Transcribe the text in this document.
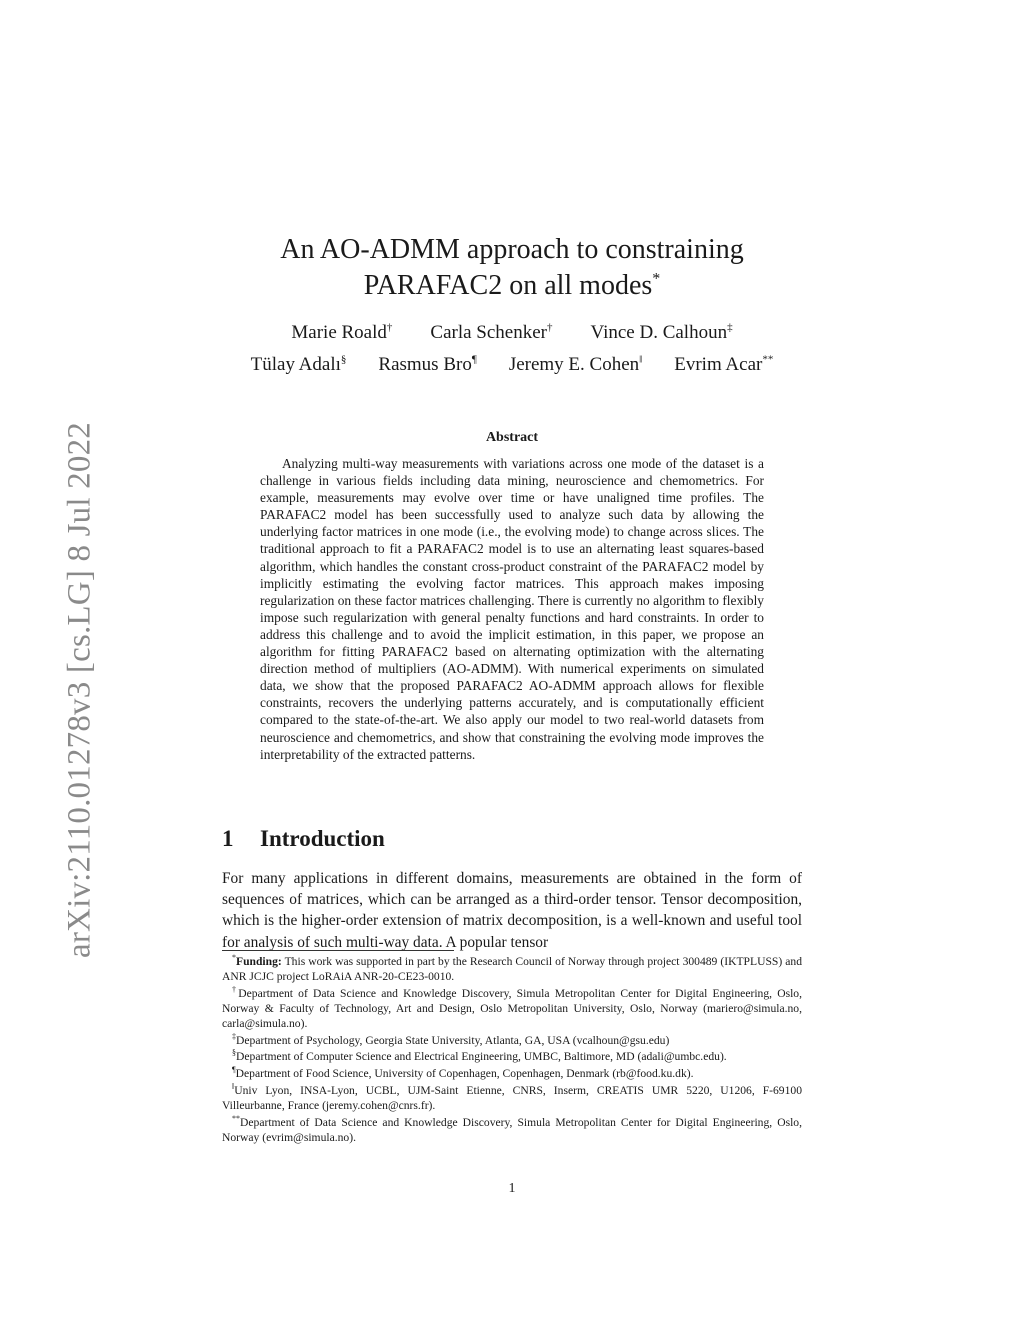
arXiv:2110.01278v3 [cs.LG] 8 Jul 2022
An AO-ADMM approach to constraining
PARAFAC2 on all modes*
Marie Roald† Carla Schenker† Vince D. Calhoun‡
Tülay Adalı§ Rasmus Bro¶ Jeremy E. Cohen‖ Evrim Acar**
Abstract
Analyzing multi-way measurements with variations across one mode of the dataset is a challenge in various fields including data mining, neuroscience and chemometrics. For example, measurements may evolve over time or have unaligned time profiles. The PARAFAC2 model has been successfully used to analyze such data by allowing the underlying factor matrices in one mode (i.e., the evolving mode) to change across slices. The traditional approach to fit a PARAFAC2 model is to use an alternating least squares-based algorithm, which handles the constant cross-product constraint of the PARAFAC2 model by implicitly estimating the evolving factor matrices. This approach makes imposing regularization on these factor matrices challenging. There is currently no algorithm to flexibly impose such regularization with general penalty functions and hard constraints. In order to address this challenge and to avoid the implicit estimation, in this paper, we propose an algorithm for fitting PARAFAC2 based on alternating optimization with the alternating direction method of multipliers (AO-ADMM). With numerical experiments on simulated data, we show that the proposed PARAFAC2 AO-ADMM approach allows for flexible constraints, recovers the underlying patterns accurately, and is computationally efficient compared to the state-of-the-art. We also apply our model to two real-world datasets from neuroscience and chemometrics, and show that constraining the evolving mode improves the interpretability of the extracted patterns.
1 Introduction
For many applications in different domains, measurements are obtained in the form of sequences of matrices, which can be arranged as a third-order tensor. Tensor decomposition, which is the higher-order extension of matrix decomposition, is a well-known and useful tool for analysis of such multi-way data. A popular tensor

*Funding: This work was supported in part by the Research Council of Norway through project 300489 (IKTPLUSS) and ANR JCJC project LoRAiA ANR-20-CE23-0010.

†Department of Data Science and Knowledge Discovery, Simula Metropolitan Center for Digital Engineering, Oslo, Norway & Faculty of Technology, Art and Design, Oslo Metropolitan University, Oslo, Norway (mariero@simula.no, carla@simula.no).

‡Department of Psychology, Georgia State University, Atlanta, GA, USA (vcalhoun@gsu.edu)

§Department of Computer Science and Electrical Engineering, UMBC, Baltimore, MD (adali@umbc.edu).

¶Department of Food Science, University of Copenhagen, Copenhagen, Denmark (rb@food.ku.dk).

‖Univ Lyon, INSA-Lyon, UCBL, UJM-Saint Etienne, CNRS, Inserm, CREATIS UMR 5220, U1206, F-69100 Villeurbanne, France (jeremy.cohen@cnrs.fr).

**Department of Data Science and Knowledge Discovery, Simula Metropolitan Center for Digital Engineering, Oslo, Norway (evrim@simula.no).

1
